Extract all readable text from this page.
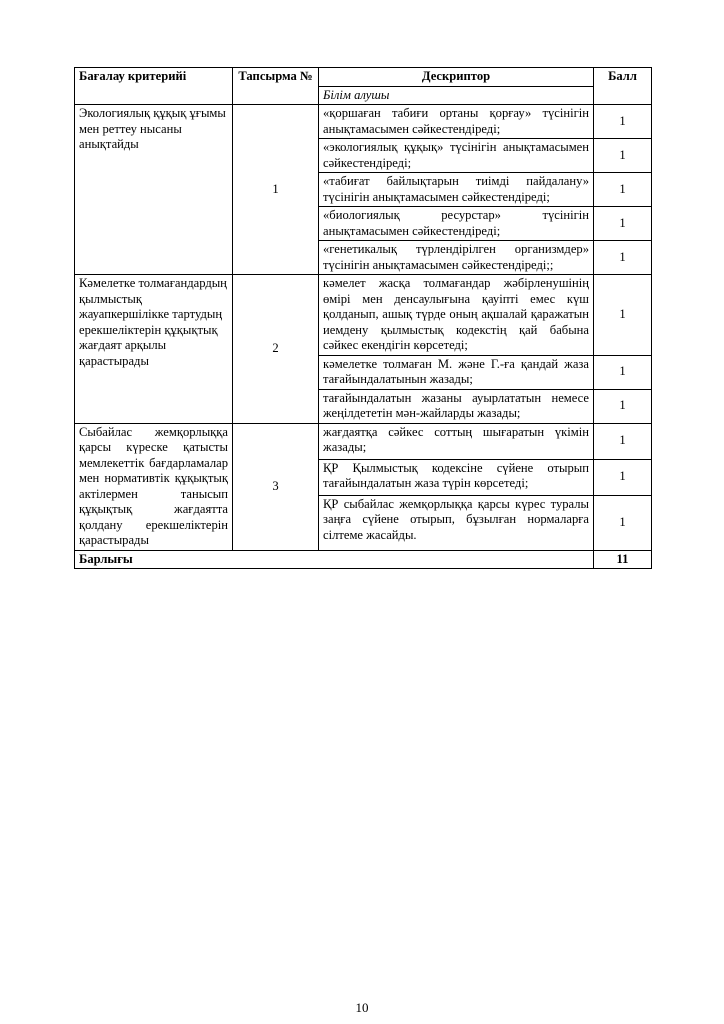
Бағалау критерийі	Тапсырма №	Дескриптор	Балл
		Білім алушы	
Экологиялық құқық ұғымы мен реттеу нысаны анықтайды	1	«қоршаған табиғи ортаны қорғау» түсінігін анықтамасымен сәйкестендіреді;	1
		«экологиялық құқық» түсінігін анықтамасымен сәйкестендіреді;	1
		«табиғат байлықтарын тиімді пайдалану» түсінігін анықтамасымен сәйкестендіреді;	1
		«биологиялық ресурстар» түсінігін анықтамасымен сәйкестендіреді;	1
		«генетикалық түрлендірілген организмдер» түсінігін анықтамасымен сәйкестендіреді;;	1
Кәмелетке толмағандардың қылмыстық жауапкершілікке тартудың ерекшеліктерін құқықтық жағдаят арқылы қарастырады	2	кәмелет жасқа толмағандар жәбірленушінің өмірі мен денсаулығына қауіпті емес күш қолданып, ашық түрде оның ақшалай қаражатын иемдену қылмыстық кодекстің қай бабына сәйкес екендігін көрсетеді;	1
		кәмелетке толмаған М. және Г.-ға қандай жаза тағайындалатынын жазады;	1
		тағайындалатын жазаны ауырлататын немесе жеңілдететін мән-жайларды жазады;	1
Сыбайлас жемқорлыққа қарсы күреске қатысты мемлекеттік бағдарламалар мен нормативтік құқықтық актілермен танысып құқықтық жағдаятта қолдану ерекшеліктерін қарастырады	3	жағдаятқа сәйкес соттың шығаратын үкімін жазады;	1
		ҚР Қылмыстық кодексіне сүйене отырып тағайындалатын жаза түрін көрсетеді;	1
		ҚР сыбайлас жемқорлыққа қарсы күрес туралы заңға сүйене отырып, бұзылған нормаларға сілтеме жасайды.	1
Барлығы			11
10
